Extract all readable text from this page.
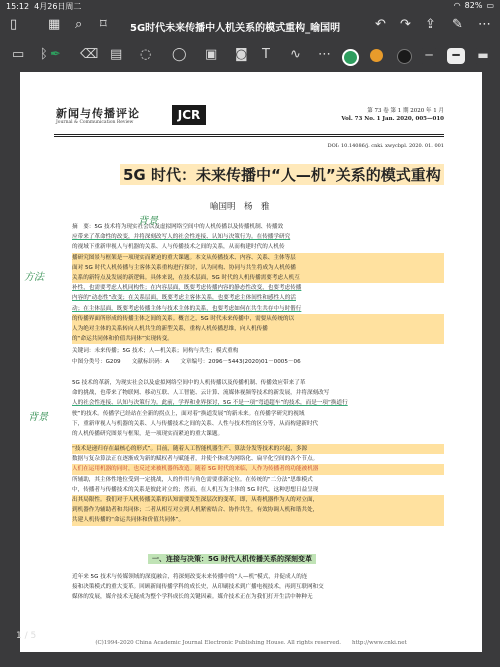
15:12 4月26日周二	◠ 82% ▭
▯ ▦ ⌕ ⌑ 5G时代未来传播中人机关系的模式重构_喻国明	↶ ↷ ⇪ ✎ ⋯
▭ ᛒ ✒ ⌫ ▤ ◌ ◯ ▣ ◙ T ∿ ⋯	─	━	▬
新闻与传播评论
Journal & Communication Review
JCR	第 73 卷 第 1 期 2020 年 1 月
Vol. 73 No. 1 Jan. 2020, 005—010
DOI: 10.14086/j. cnki. xwycbpl. 2020. 01. 001
5G 时代：未来传播中“人—机”关系的模式重构
喻国明　杨　雅
摘　要：5G 技术将为现实社会以及虚拟网络空间中的人机传播以及传播机制、传播效
应带来了革命性的改变，并将深刻改写人的社会性连接、认知与决策行为。在传播学研究
的视域下重新审视人与机器的关系、人与传播技术之间的关系，从而构建时代的人机传
播研究图景与框架是一项现实而紧迫的重大课题。本文从传播技术、内容、关系、主体等层
面对 5G 时代人机传播与主客体关系重构进行探讨，认为同构、协同与共生将成为人机传播
关系的新特点及发展的新逻辑。具体来说，在技术层面，5G 时代的人机传播需要考虑人机互
补性，也需要考虑人机同构性；在内容层面，既要考虑传播内容的静态性改变，也要考虑传播
内容的“动态性”改变；在关系层面，既要考虑主客体关系，也要考虑主体间性和感性人的活
动；在主体层面，既要考虑传播主体与技术主体的关系，也要考虑如何在共生共存中与时偕行
的传播界面所形成的传播主体之间的关系。概言之，5G 时代未来传播中，需要从传统的以
人为绝对主体的关系转向人机共生的新型关系，重构人机传播思维，向人机传播
的“命运共同体和价值共同体”实现转变。
关键词：未来传播；5G 技术；人—机关系；同构与共生；模式重构
中图分类号：G209　　文献标识码：A　　文章编号：2096－5443(2020)01－0005－06
5G 技术的革新，为现实社会以及虚拟网络空间中的人机传播以及传播机制、传播效应带来了革
命的挑战，也带来了物联网、移动互联、人工智能、云计算、流媒体视频等技术的新发展，并将深刻改写
人的社会性连接、认知与决策行为。此前，学界和业界探讨，5G 不是一项“弯道超车”的技术，而是一项“换道行
驶”的技术。传播学已经站在全新的拐点上，面对着“换道发展”的新未来。在传播学研究的视域
下，重新审视人与机器的关系、人与传播技术之间的关系、人性与技术性的区分等，从而构建新时代
的人机传播研究图景与框架，是一项现实而紧迫的重大课题。
“技术是递归存在最核心的形式”。目前，随着人工智能机器生产、算法分发等技术的兴起，多源
数据与复杂算法正在逐渐成为新的赋权者与赋能者，并使个体成为网络化、扁平化空间的各个节点。
人们在运用机器的同时，也反过来被机器所改造。随着 5G 时代的来临，人作为传播者的功能被机器
所辅助，其主体性地位受到一定挑战，人的作用与角色需要重新定位。在传统的“二分法”思维模式
中，传播者与传播技术的关系是彼此对立的；然而，在人机互为主体的 5G 时代，这种思想日益呈现
出其局限性。我们对于人机传播关系的认知需要发生深层次的变革，即，从将机器作为人的对立面，
到机器作为辅助者和共同体；二者从相互对立到人机紧密结合、协作共生，有效协调人机和谐共处，
共建人机传播的“命运共同体和价值共同体”。
一、连接与决策：5G 时代人机传播关系的深刻变革
近年来 5G 技术与传媒领域的深度融合，将深刻改变未来传播中的“人—机”模式，并促成人的连
接和决策模式的重大变革。回顾新闻传播学科的成长史，从印刷技术到广播电视技术，再到互联网和交
媒体的发展，媒介技术无疑成为整个学科成长的关键因素。媒介技术正在为我们打开生活中种种无
背景
方法
背景
(C)1994-2020 China Academic Journal Electronic Publishing House. All rights reserved.　　http://www.cnki.net
1 / 5
